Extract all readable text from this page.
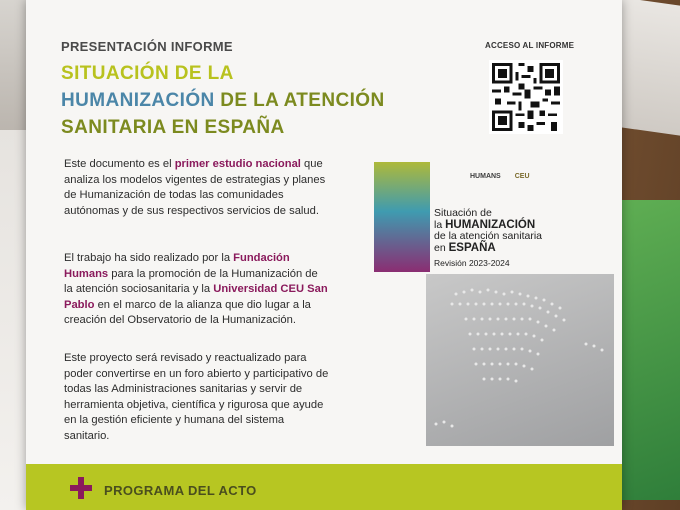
PRESENTACIÓN INFORME
SITUACIÓN DE LA
HUMANIZACIÓN DE LA ATENCIÓN
SANITARIA EN ESPAÑA
Este documento es el primer estudio nacional que analiza los modelos vigentes de estrategias y planes de Humanización de todas las comunidades autónomas y de sus respectivos servicios de salud.
El trabajo ha sido realizado por la Fundación Humans para la promoción de la Humanización de la atención sociosanitaria y la Universidad CEU San Pablo en el marco de la alianza que dio lugar a la creación del Observatorio de la Humanización.
Este proyecto será revisado y reactualizado para poder convertirse en un foro abierto y participativo de todas las Administraciones sanitarias y servir de herramienta objetiva, científica y rigurosa que ayude en la gestión eficiente y humana del sistema sanitario.
ACCESO AL INFORME
HUMANS CEU
Situación de
la HUMANIZACIÓN
de la atención sanitaria
en ESPAÑA
Revisión 2023-2024
PROGRAMA DEL ACTO
